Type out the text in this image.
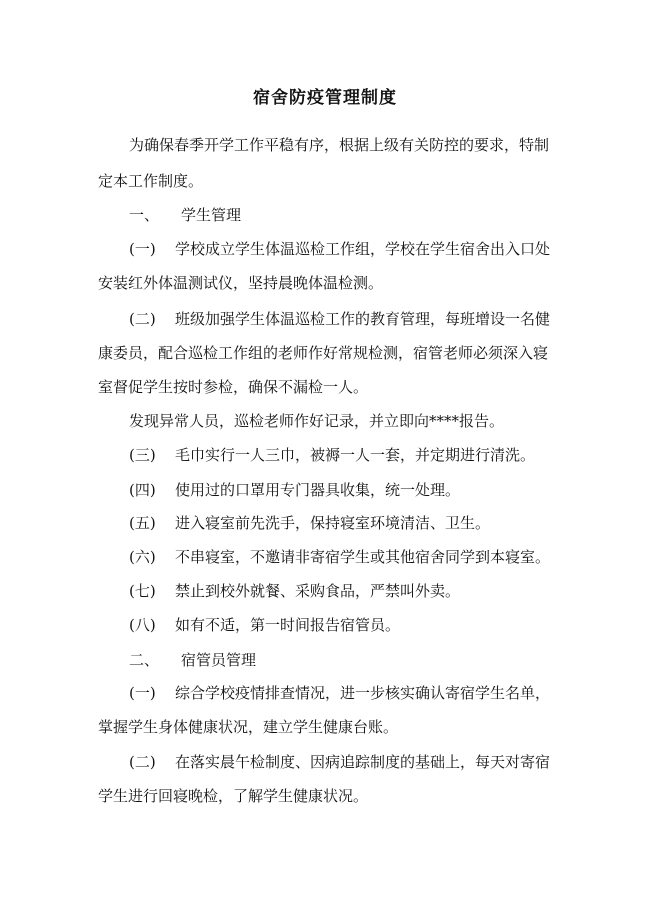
宿舍防疫管理制度
为确保春季开学工作平稳有序，根据上级有关防控的要求，特制
定本工作制度。
一、 学生管理
(一) 学校成立学生体温巡检工作组，学校在学生宿舍出入口处
安装红外体温测试仪，坚持晨晚体温检测。
(二) 班级加强学生体温巡检工作的教育管理，每班增设一名健
康委员，配合巡检工作组的老师作好常规检测，宿管老师必须深入寝
室督促学生按时参检，确保不漏检一人。
发现异常人员，巡检老师作好记录，并立即向****报告。
(三) 毛巾实行一人三巾，被褥一人一套，并定期进行清洗。
(四) 使用过的口罩用专门器具收集，统一处理。
(五) 进入寝室前先洗手，保持寝室环境清洁、卫生。
(六) 不串寝室，不邀请非寄宿学生或其他宿舍同学到本寝室。
(七) 禁止到校外就餐、采购食品，严禁叫外卖。
(八) 如有不适，第一时间报告宿管员。
二、 宿管员管理
(一) 综合学校疫情排查情况，进一步核实确认寄宿学生名单，
掌握学生身体健康状况，建立学生健康台账。
(二) 在落实晨午检制度、因病追踪制度的基础上，每天对寄宿
学生进行回寝晚检，了解学生健康状况。
